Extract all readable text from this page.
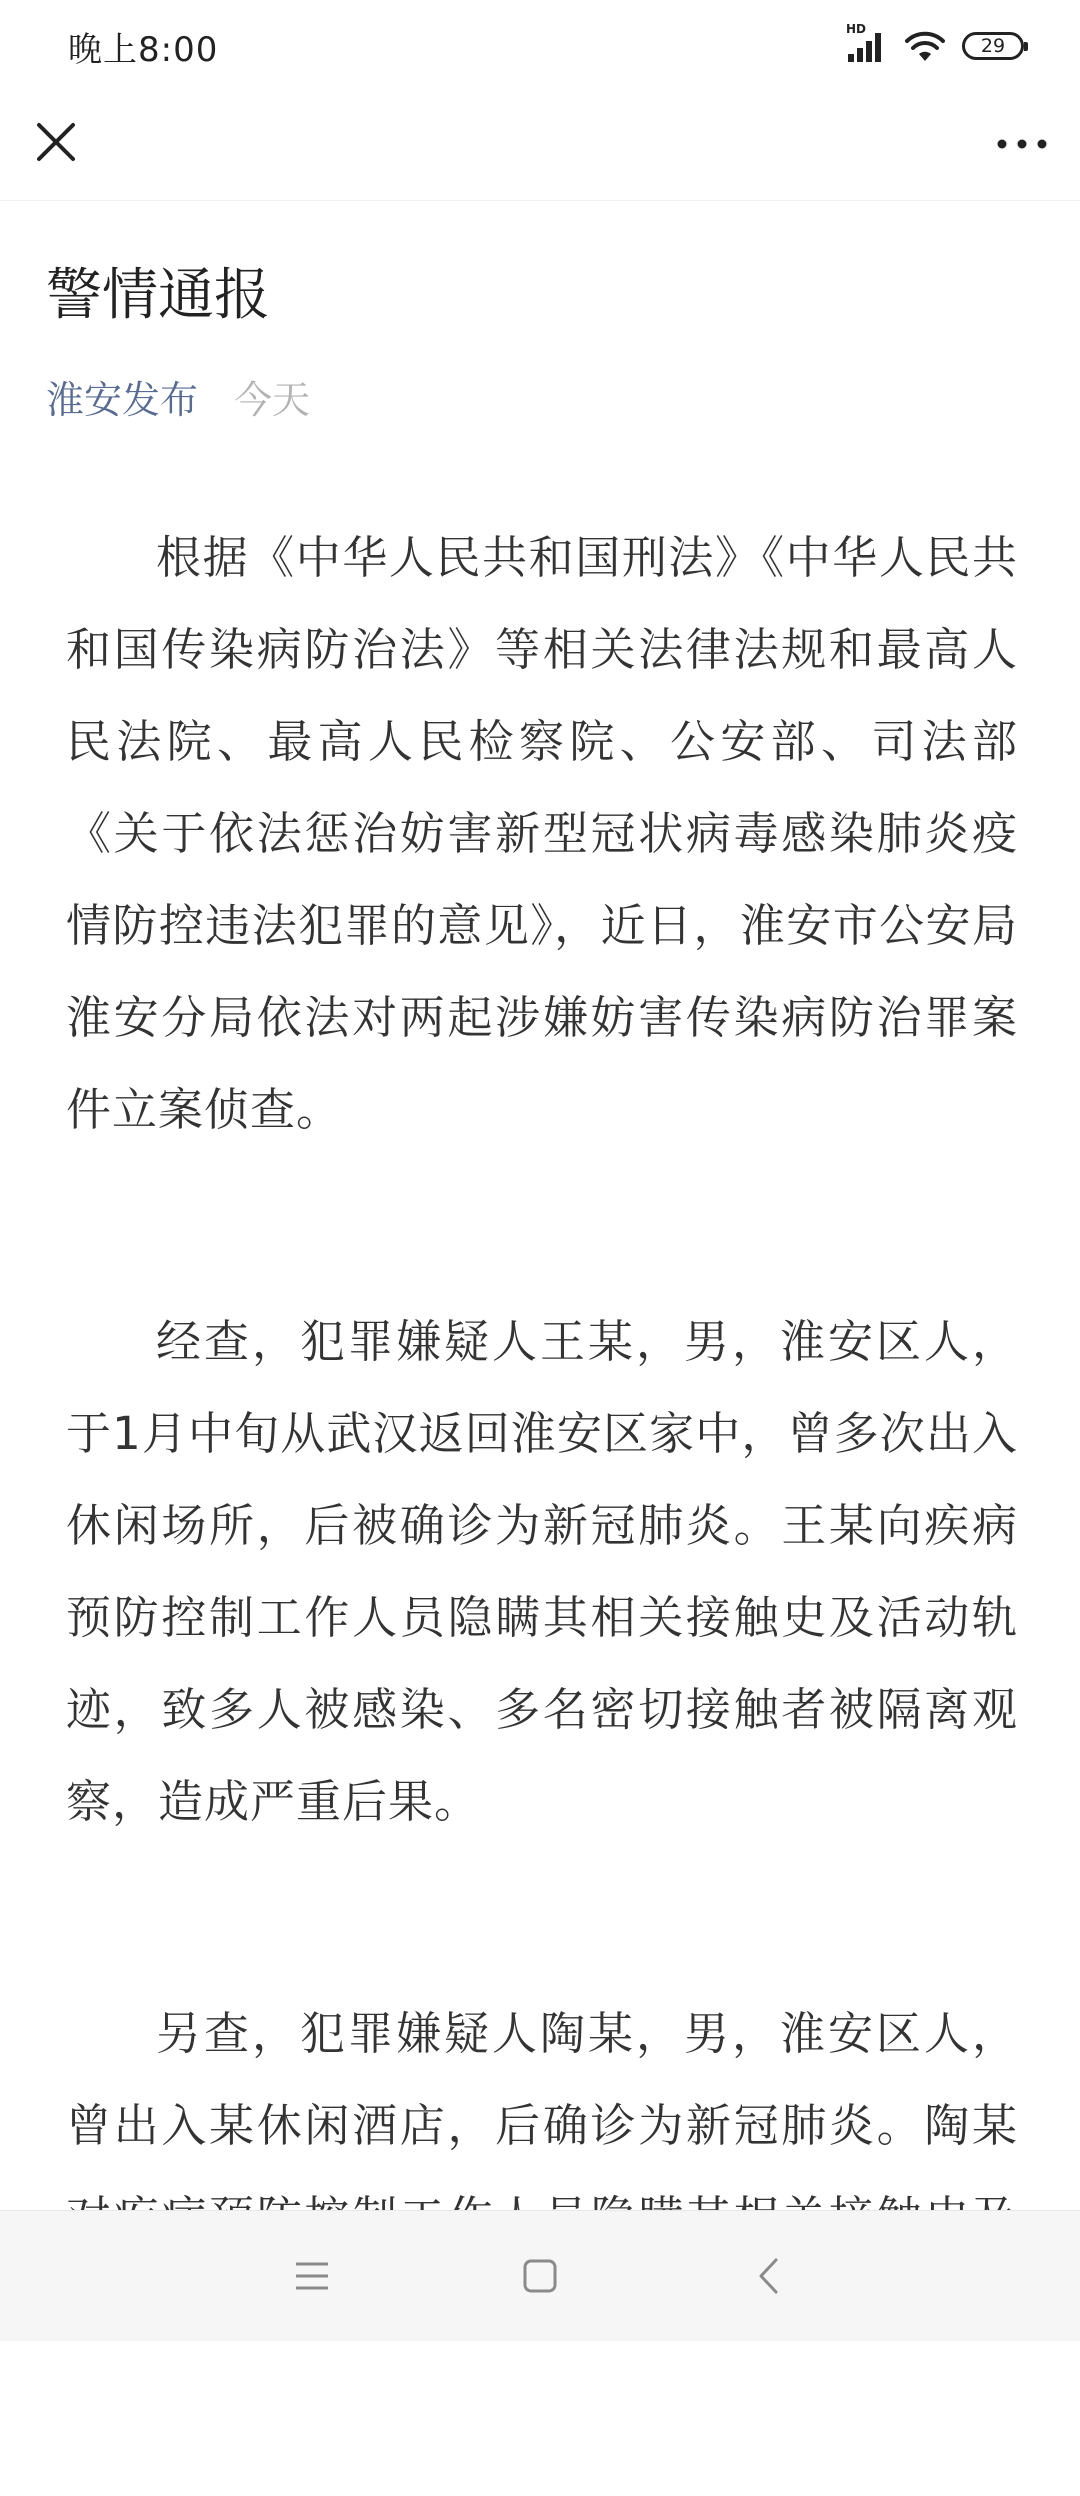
晚上8:00
HD
29
警情通报
淮安发布 今天

根据《中华人民共和国刑法》《中华人民共和国传染病防治法》等相关法律法规和最高人民法院、最高人民检察院、公安部、司法部《关于依法惩治妨害新型冠状病毒感染肺炎疫情防控违法犯罪的意见》，近日，淮安市公安局淮安分局依法对两起涉嫌妨害传染病防治罪案件立案侦查。

经查，犯罪嫌疑人王某，男，淮安区人，于1月中旬从武汉返回淮安区家中，曾多次出入休闲场所，后被确诊为新冠肺炎。王某向疾病预防控制工作人员隐瞒其相关接触史及活动轨迹，致多人被感染、多名密切接触者被隔离观察，造成严重后果。

另查，犯罪嫌疑人陶某，男，淮安区人，曾出入某休闲酒店，后确诊为新冠肺炎。陶某
